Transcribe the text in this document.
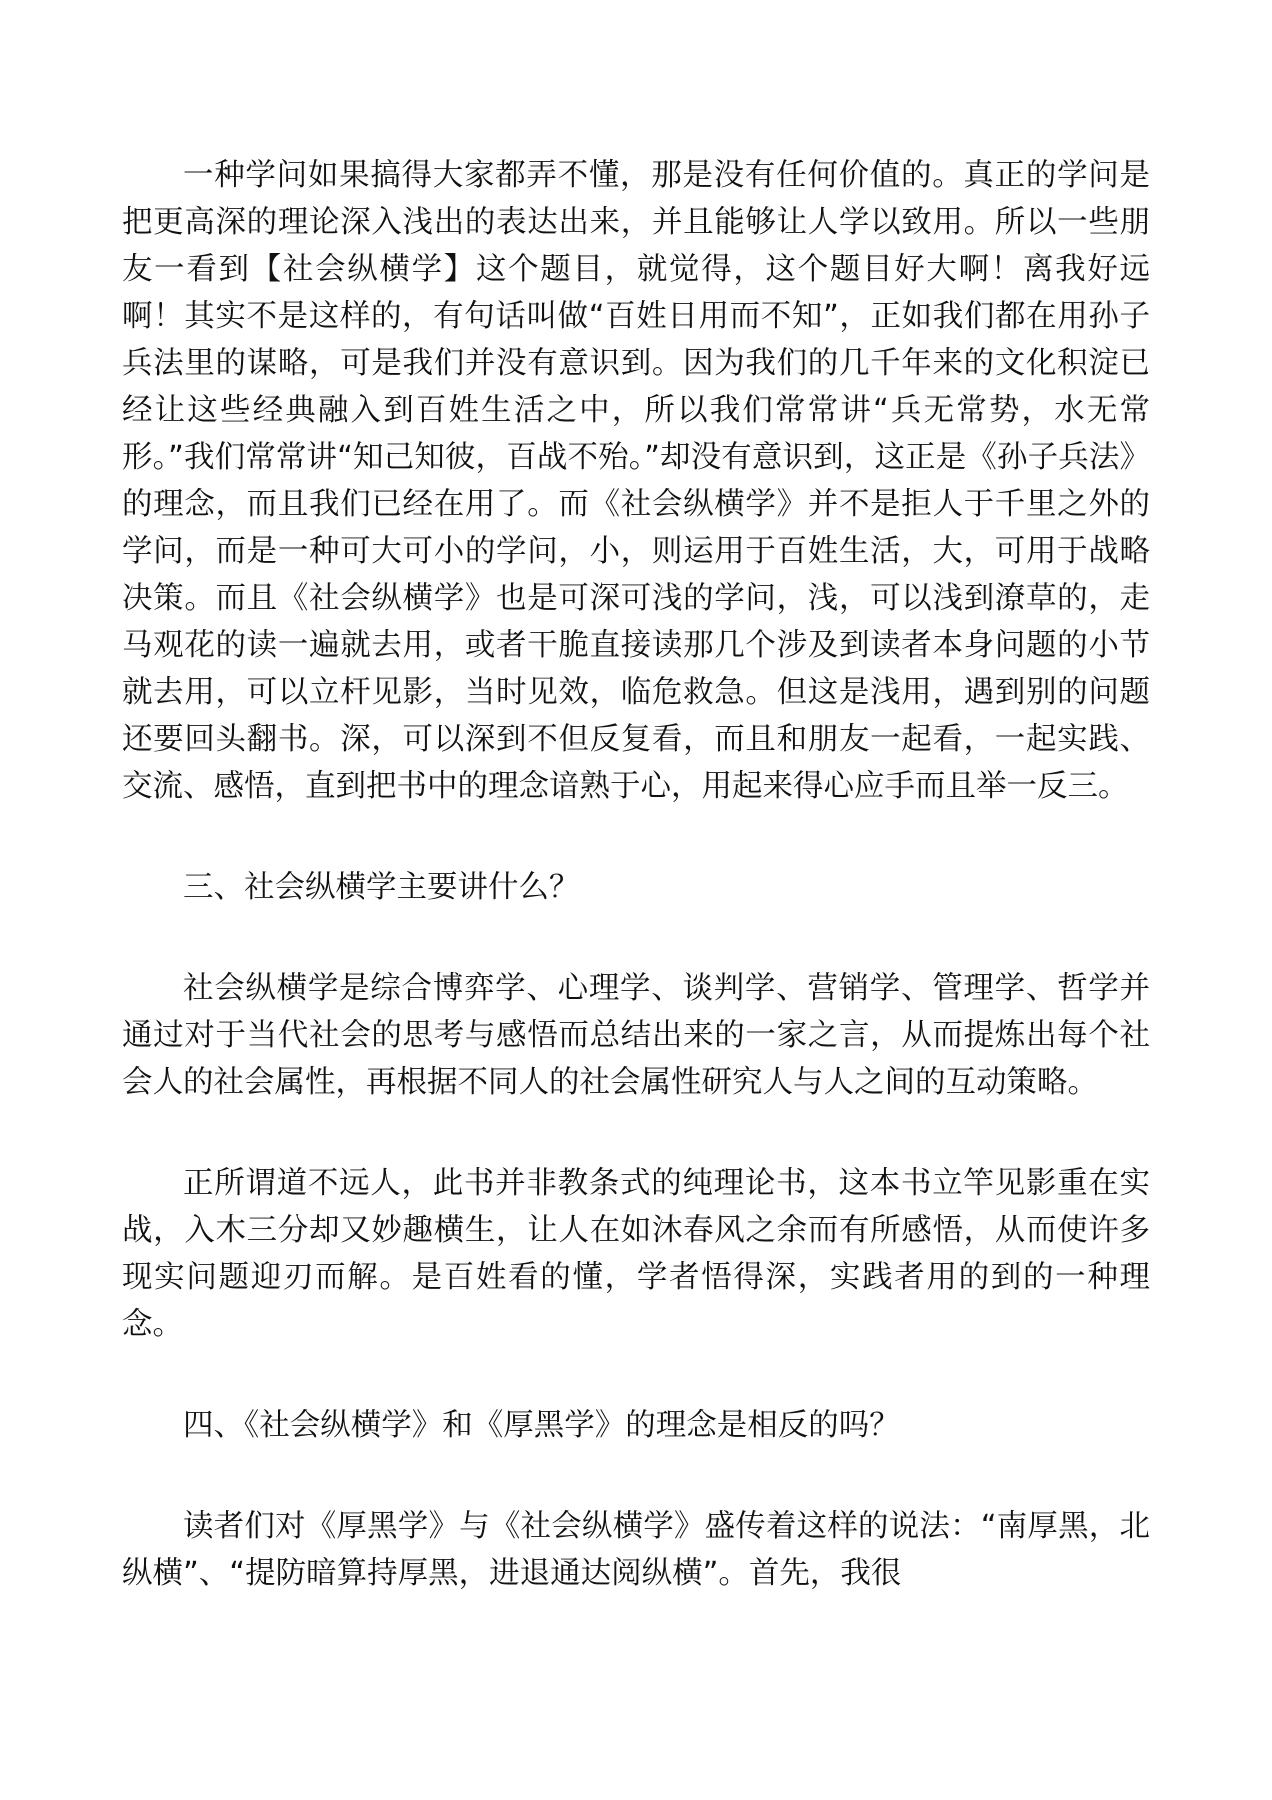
一种学问如果搞得大家都弄不懂，那是没有任何价值的。真正的学问是把更高深的理论深入浅出的表达出来，并且能够让人学以致用。所以一些朋友一看到【社会纵横学】这个题目，就觉得，这个题目好大啊！离我好远啊！其实不是这样的，有句话叫做“百姓日用而不知”，正如我们都在用孙子兵法里的谋略，可是我们并没有意识到。因为我们的几千年来的文化积淀已经让这些经典融入到百姓生活之中，所以我们常常讲“兵无常势，水无常形。”我们常常讲“知己知彼，百战不殆。”却没有意识到，这正是《孙子兵法》的理念，而且我们已经在用了。而《社会纵横学》并不是拒人于千里之外的学问，而是一种可大可小的学问，小，则运用于百姓生活，大，可用于战略决策。而且《社会纵横学》也是可深可浅的学问，浅，可以浅到潦草的，走马观花的读一遍就去用，或者干脆直接读那几个涉及到读者本身问题的小节就去用，可以立杆见影，当时见效，临危救急。但这是浅用，遇到别的问题还要回头翻书。深，可以深到不但反复看，而且和朋友一起看，一起实践、交流、感悟，直到把书中的理念谙熟于心，用起来得心应手而且举一反三。

三、社会纵横学主要讲什么？

社会纵横学是综合博弈学、心理学、谈判学、营销学、管理学、哲学并通过对于当代社会的思考与感悟而总结出来的一家之言，从而提炼出每个社会人的社会属性，再根据不同人的社会属性研究人与人之间的互动策略。

正所谓道不远人，此书并非教条式的纯理论书，这本书立竿见影重在实战，入木三分却又妙趣横生，让人在如沐春风之余而有所感悟，从而使许多现实问题迎刃而解。是百姓看的懂，学者悟得深，实践者用的到的一种理念。

四、《社会纵横学》和《厚黑学》的理念是相反的吗？

读者们对《厚黑学》与《社会纵横学》盛传着这样的说法：“南厚黑，北纵横”、“提防暗算持厚黑，进退通达阅纵横”。首先，我很
